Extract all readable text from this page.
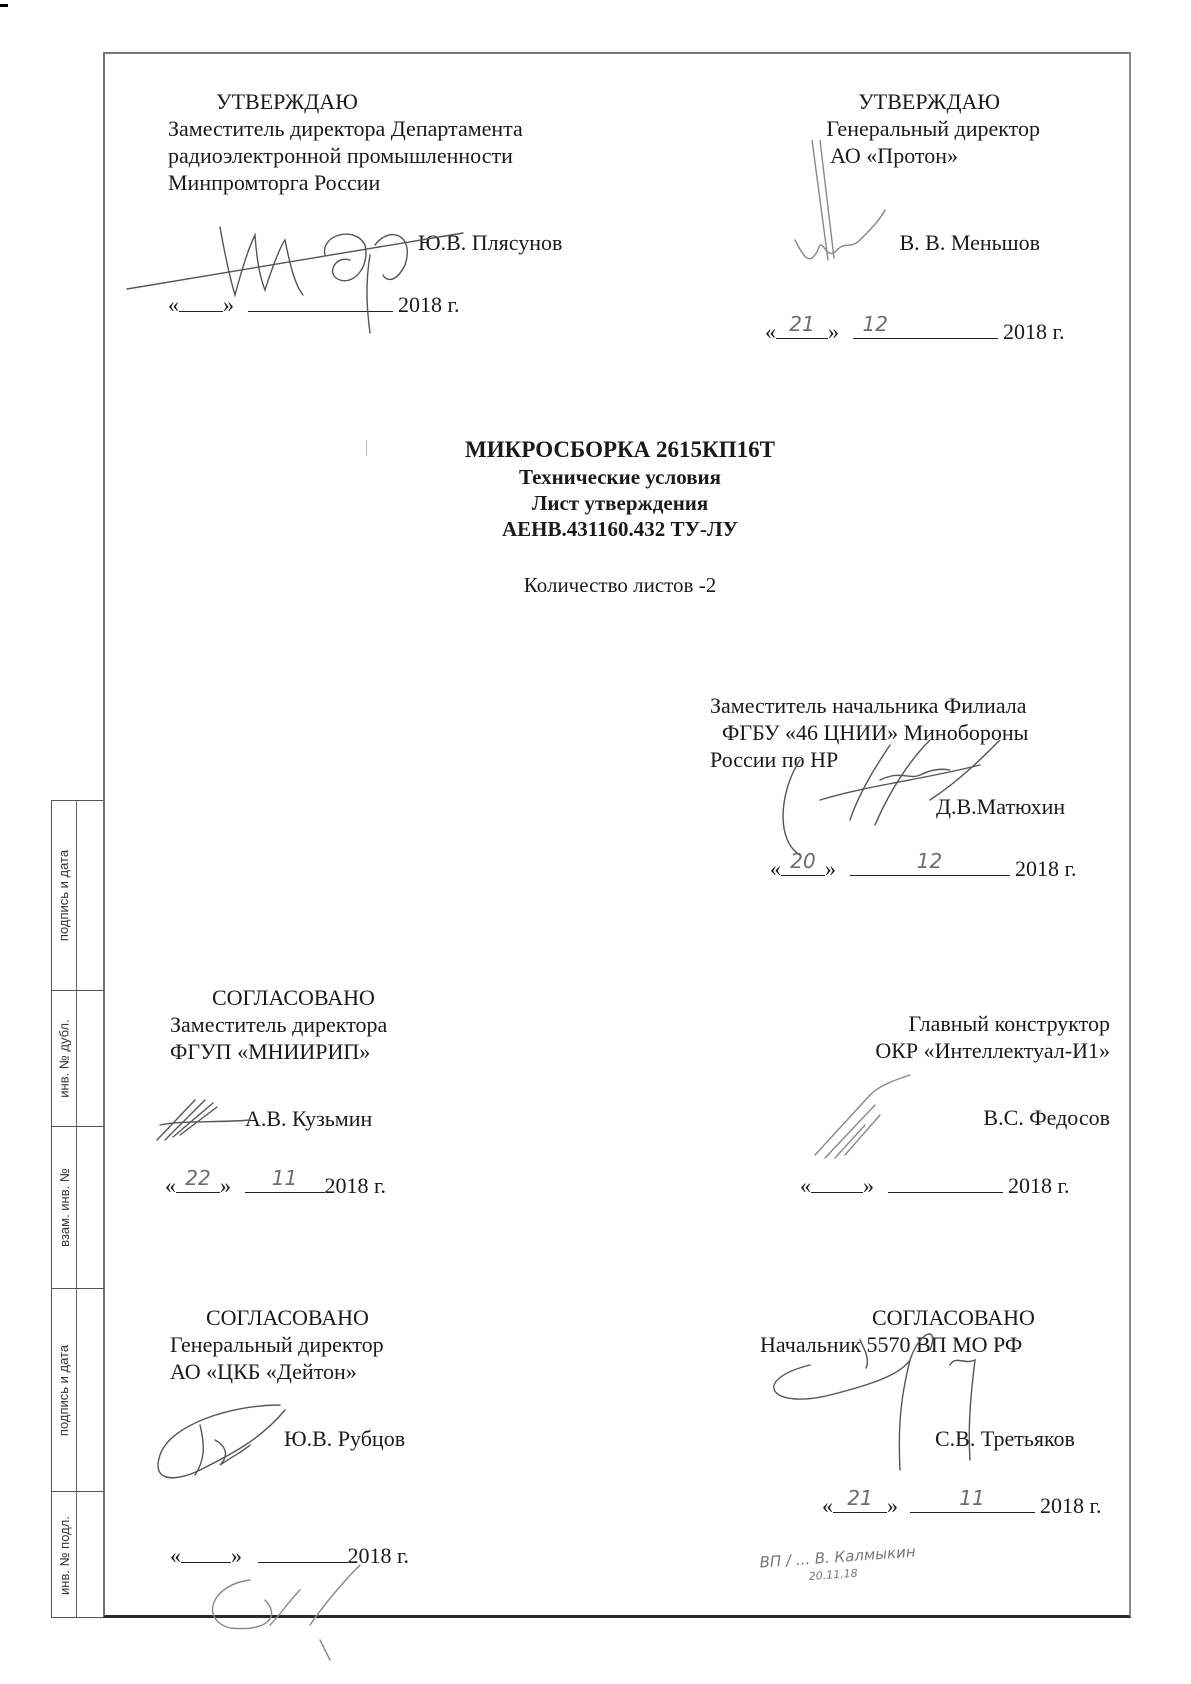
подпись и дата
инв. № дубл.
взам. инв. №
подпись и дата
инв. № подл.
УТВЕРЖДАЮ
Заместитель директора Департамента
радиоэлектронной промышленности
Минпромторга России
Ю.В. Плясунов
« »	2018 г.
УТВЕРЖДАЮ
Генеральный директор
АО «Протон»
В. В. Меньшов
« 21 »	12	2018 г.
МИКРОСБОРКА 2615КП16Т
Технические условия
Лист утверждения
АЕНВ.431160.432 ТУ-ЛУ
Количество листов -2
Заместитель начальника Филиала
ФГБУ «46 ЦНИИ» Минобороны
России по НР
Д.В.Матюхин
« 20 »	12	2018 г.
СОГЛАСОВАНО
Заместитель директора
ФГУП «МНИИРИП»
А.В. Кузьмин
« 22 »	11	2018 г.
Главный конструктор
ОКР «Интеллектуал-И1»
В.С. Федосов
« »	2018 г.
СОГЛАСОВАНО
Генеральный директор
АО «ЦКБ «Дейтон»
Ю.В. Рубцов
« »	2018 г.
СОГЛАСОВАНО
Начальник 5570 ВП МО РФ
С.В. Третьяков
« 21 »	11	2018 г.
ВП / ... В. Калмыкин
20.11.18
